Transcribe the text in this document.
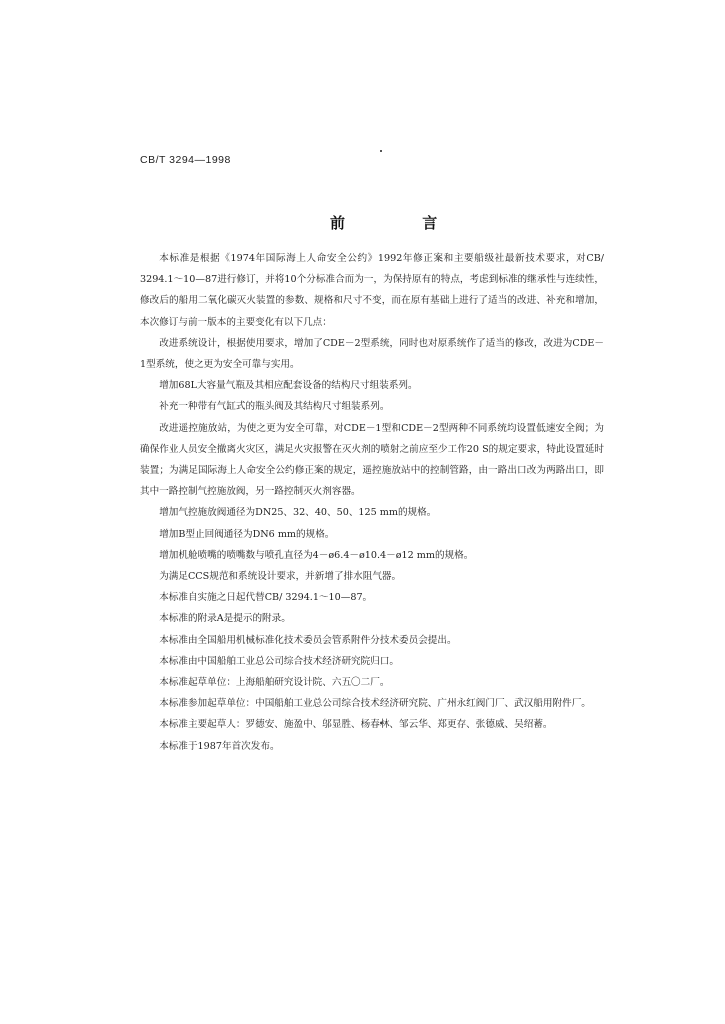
CB/T 3294—1998
前 言

本标准是根据《1974年国际海上人命安全公约》1992年修正案和主要船级社最新技术要求，对CB/ 3294.1～10—87进行修订，并将10个分标准合而为一，为保持原有的特点，考虑到标准的继承性与连续性，修改后的船用二氧化碳灭火装置的参数、规格和尺寸不变，而在原有基础上进行了适当的改进、补充和增加，本次修订与前一版本的主要变化有以下几点：

改进系统设计，根据使用要求，增加了CDE－2型系统，同时也对原系统作了适当的修改，改进为CDE－1型系统，使之更为安全可靠与实用。

增加68L大容量气瓶及其相应配套设备的结构尺寸组装系列。

补充一种带有气缸式的瓶头阀及其结构尺寸组装系列。

改进遥控施放站，为使之更为安全可靠，对CDE－1型和CDE－2型两种不同系统均设置低速安全阀；为确保作业人员安全撤离火灾区，满足火灾报警在灭火剂的喷射之前应至少工作20 S的规定要求，特此设置延时装置；为满足国际海上人命安全公约修正案的规定，遥控施放站中的控制管路，由一路出口改为两路出口，即其中一路控制气控施放阀，另一路控制灭火剂容器。

增加气控施放阀通径为DN25、32、40、50、125 mm的规格。

增加B型止回阀通径为DN6 mm的规格。

增加机舱喷嘴的喷嘴数与喷孔直径为4－ø6.4－ø10.4－ø12 mm的规格。

为满足CCS规范和系统设计要求，并新增了排水阻气器。

本标准自实施之日起代替CB/ 3294.1～10—87。

本标准的附录A是提示的附录。

本标准由全国船用机械标准化技术委员会管系附件分技术委员会提出。

本标准由中国船舶工业总公司综合技术经济研究院归口。

本标准起草单位：上海船舶研究设计院、六五〇二厂。

本标准参加起草单位：中国船舶工业总公司综合技术经济研究院、广州永红阀门厂、武汉船用附件厂。

本标准主要起草人：罗德安、施盈中、邬显胜、杨春林、邹云华、郑更存、张德威、吴绍蓄。

本标准于1987年首次发布。
